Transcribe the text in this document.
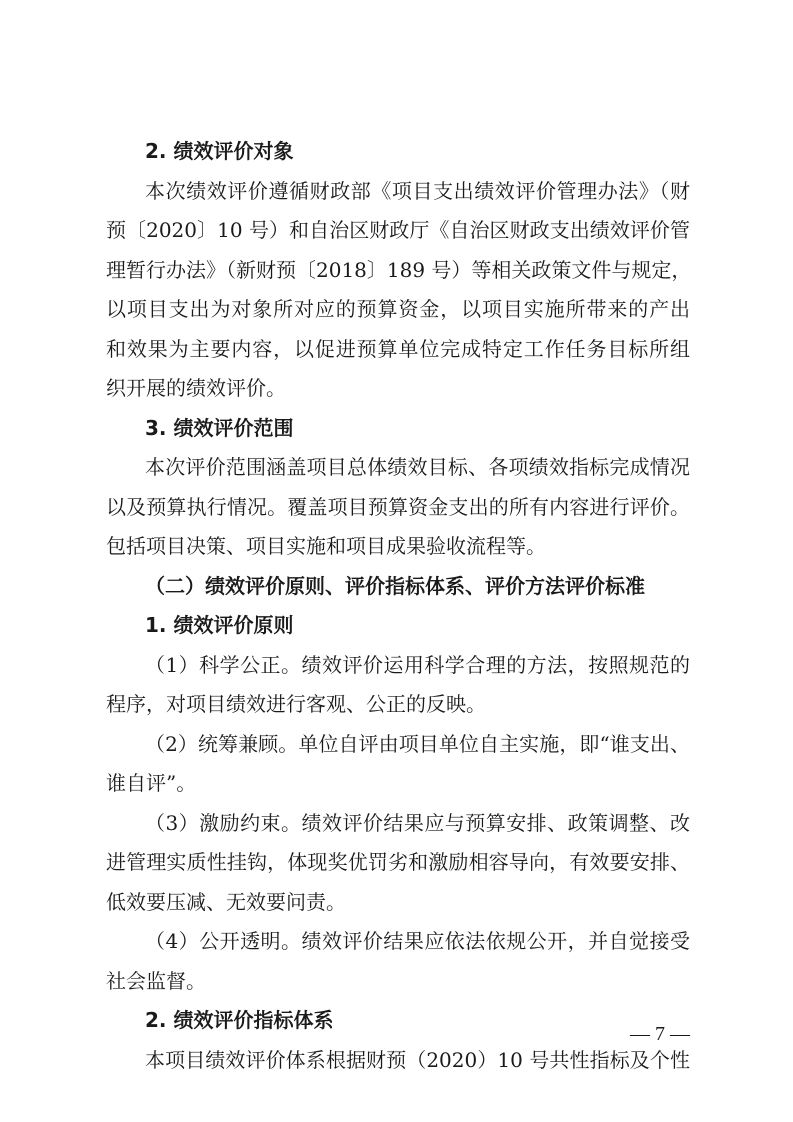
2. 绩效评价对象
本次绩效评价遵循财政部《项目支出绩效评价管理办法》（财
预〔2020〕10 号）和自治区财政厅《自治区财政支出绩效评价管
理暂行办法》（新财预〔2018〕189 号）等相关政策文件与规定，
以项目支出为对象所对应的预算资金，以项目实施所带来的产出
和效果为主要内容，以促进预算单位完成特定工作任务目标所组
织开展的绩效评价。
3. 绩效评价范围
本次评价范围涵盖项目总体绩效目标、各项绩效指标完成情况
以及预算执行情况。覆盖项目预算资金支出的所有内容进行评价。
包括项目决策、项目实施和项目成果验收流程等。
（二）绩效评价原则、评价指标体系、评价方法评价标准
1. 绩效评价原则
（1）科学公正。绩效评价运用科学合理的方法，按照规范的
程序，对项目绩效进行客观、公正的反映。
（2）统筹兼顾。单位自评由项目单位自主实施，即“谁支出、
谁自评”。
（3）激励约束。绩效评价结果应与预算安排、政策调整、改
进管理实质性挂钩，体现奖优罚劣和激励相容导向，有效要安排、
低效要压减、无效要问责。
（4）公开透明。绩效评价结果应依法依规公开，并自觉接受
社会监督。
2. 绩效评价指标体系
本项目绩效评价体系根据财预（2020）10 号共性指标及个性
— 7 —
